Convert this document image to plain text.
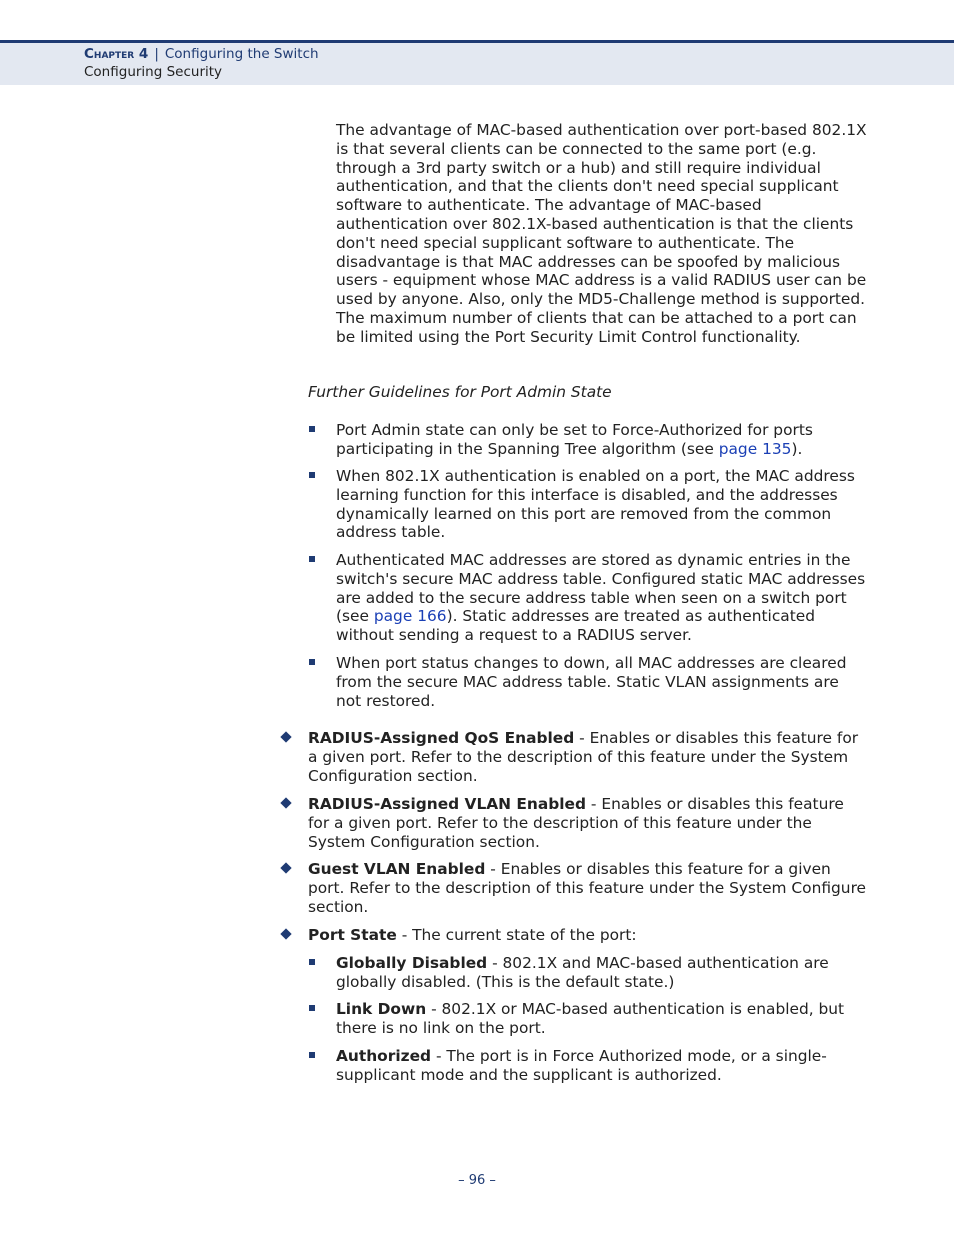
Chapter 4 | Configuring the Switch
Configuring Security

The advantage of MAC-based authentication over port-based 802.1X is that several clients can be connected to the same port (e.g. through a 3rd party switch or a hub) and still require individual authentication, and that the clients don't need special supplicant software to authenticate. The advantage of MAC-based authentication over 802.1X-based authentication is that the clients don't need special supplicant software to authenticate. The disadvantage is that MAC addresses can be spoofed by malicious users - equipment whose MAC address is a valid RADIUS user can be used by anyone. Also, only the MD5-Challenge method is supported. The maximum number of clients that can be attached to a port can be limited using the Port Security Limit Control functionality.

Further Guidelines for Port Admin State

Port Admin state can only be set to Force-Authorized for ports participating in the Spanning Tree algorithm (see page 135).
When 802.1X authentication is enabled on a port, the MAC address learning function for this interface is disabled, and the addresses dynamically learned on this port are removed from the common address table.
Authenticated MAC addresses are stored as dynamic entries in the switch's secure MAC address table. Configured static MAC addresses are added to the secure address table when seen on a switch port (see page 166). Static addresses are treated as authenticated without sending a request to a RADIUS server.
When port status changes to down, all MAC addresses are cleared from the secure MAC address table. Static VLAN assignments are not restored.
RADIUS-Assigned QoS Enabled - Enables or disables this feature for a given port. Refer to the description of this feature under the System Configuration section.
RADIUS-Assigned VLAN Enabled - Enables or disables this feature for a given port. Refer to the description of this feature under the System Configuration section.
Guest VLAN Enabled - Enables or disables this feature for a given port. Refer to the description of this feature under the System Configure section.
Port State - The current state of the port:
Globally Disabled - 802.1X and MAC-based authentication are globally disabled. (This is the default state.)
Link Down - 802.1X or MAC-based authentication is enabled, but there is no link on the port.
Authorized - The port is in Force Authorized mode, or a single-supplicant mode and the supplicant is authorized.
– 96 –
